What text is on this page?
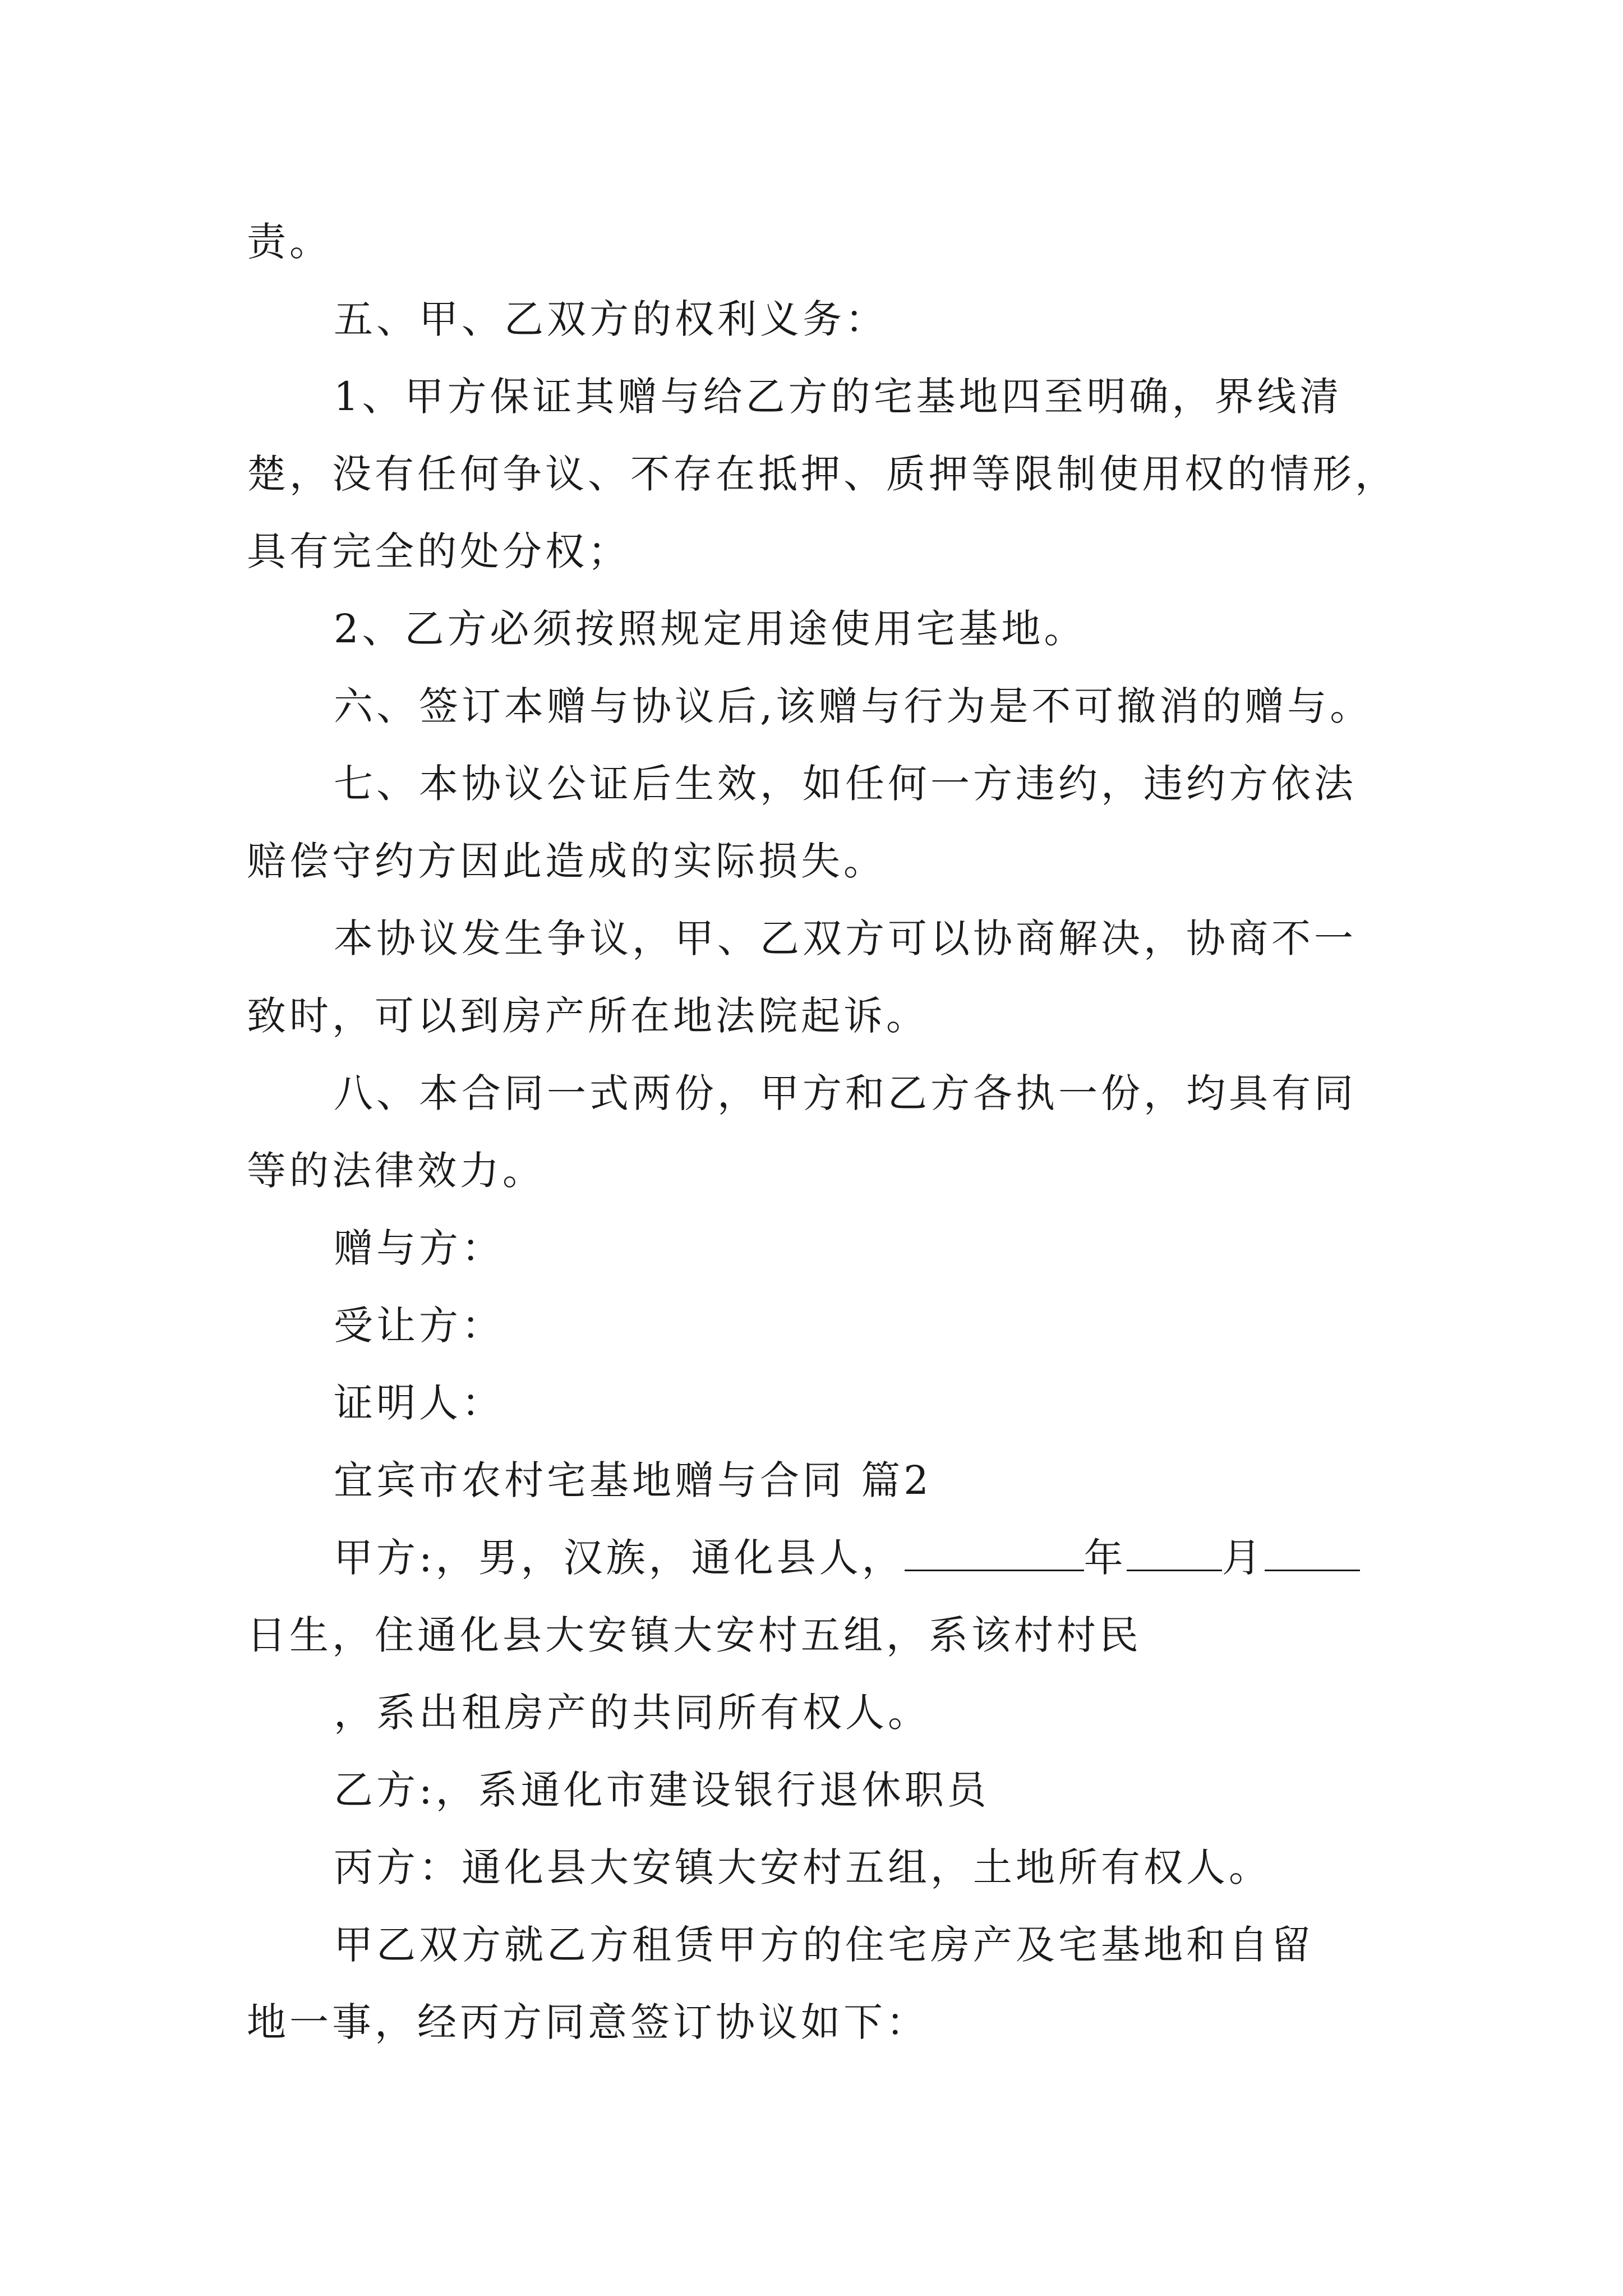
责。

五、甲、乙双方的权利义务：

1、甲方保证其赠与给乙方的宅基地四至明确，界线清

楚，没有任何争议、不存在抵押、质押等限制使用权的情形，

具有完全的处分权；

2、乙方必须按照规定用途使用宅基地。

六、签订本赠与协议后,该赠与行为是不可撤消的赠与。

七、本协议公证后生效，如任何一方违约，违约方依法

赔偿守约方因此造成的实际损失。

本协议发生争议，甲、乙双方可以协商解决，协商不一

致时，可以到房产所在地法院起诉。

八、本合同一式两份，甲方和乙方各执一份，均具有同

等的法律效力。

赠与方：

受让方：

证明人：

宜宾市农村宅基地赠与合同 篇2

甲方:，男，汉族，通化县人，	年 月

日生，住通化县大安镇大安村五组，系该村村民

，系出租房产的共同所有权人。

乙方:，系通化市建设银行退休职员

丙方：通化县大安镇大安村五组，土地所有权人。

甲乙双方就乙方租赁甲方的住宅房产及宅基地和自留

地一事，经丙方同意签订协议如下：
